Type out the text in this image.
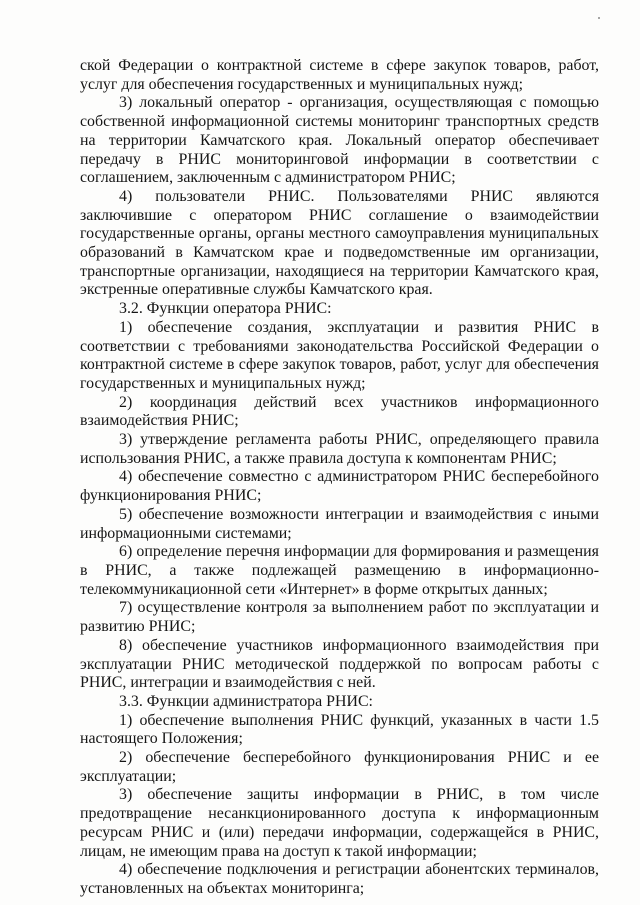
ской Федерации о контрактной системе в сфере закупок товаров, работ, услуг для обеспечения государственных и муниципальных нужд;

3) локальный оператор - организация, осуществляющая с помощью собственной информационной системы мониторинг транспортных средств на территории Камчатского края. Локальный оператор обеспечивает передачу в РНИС мониторинговой информации в соответствии с соглашением, заключенным с администратором РНИС;

4) пользователи РНИС. Пользователями РНИС являются заключившие с оператором РНИС соглашение о взаимодействии государственные органы, органы местного самоуправления муниципальных образований в Камчатском крае и подведомственные им организации, транспортные организации, находящиеся на территории Камчатского края, экстренные оперативные службы Камчатского края.

3.2. Функции оператора РНИС:

1) обеспечение создания, эксплуатации и развития РНИС в соответствии с требованиями законодательства Российской Федерации о контрактной системе в сфере закупок товаров, работ, услуг для обеспечения государственных и муниципальных нужд;

2) координация действий всех участников информационного взаимодействия РНИС;

3) утверждение регламента работы РНИС, определяющего правила использования РНИС, а также правила доступа к компонентам РНИС;

4) обеспечение совместно с администратором РНИС бесперебойного функционирования РНИС;

5) обеспечение возможности интеграции и взаимодействия с иными информационными системами;

6) определение перечня информации для формирования и размещения в РНИС, а также подлежащей размещению в информационно-телекоммуникационной сети «Интернет» в форме открытых данных;

7) осуществление контроля за выполнением работ по эксплуатации и развитию РНИС;

8) обеспечение участников информационного взаимодействия при эксплуатации РНИС методической поддержкой по вопросам работы с РНИС, интеграции и взаимодействия с ней.

3.3. Функции администратора РНИС:

1) обеспечение выполнения РНИС функций, указанных в части 1.5 настоящего Положения;

2) обеспечение бесперебойного функционирования РНИС и ее эксплуатации;

3) обеспечение защиты информации в РНИС, в том числе предотвращение несанкционированного доступа к информационным ресурсам РНИС и (или) передачи информации, содержащейся в РНИС, лицам, не имеющим права на доступ к такой информации;

4) обеспечение подключения и регистрации абонентских терминалов, установленных на объектах мониторинга;
